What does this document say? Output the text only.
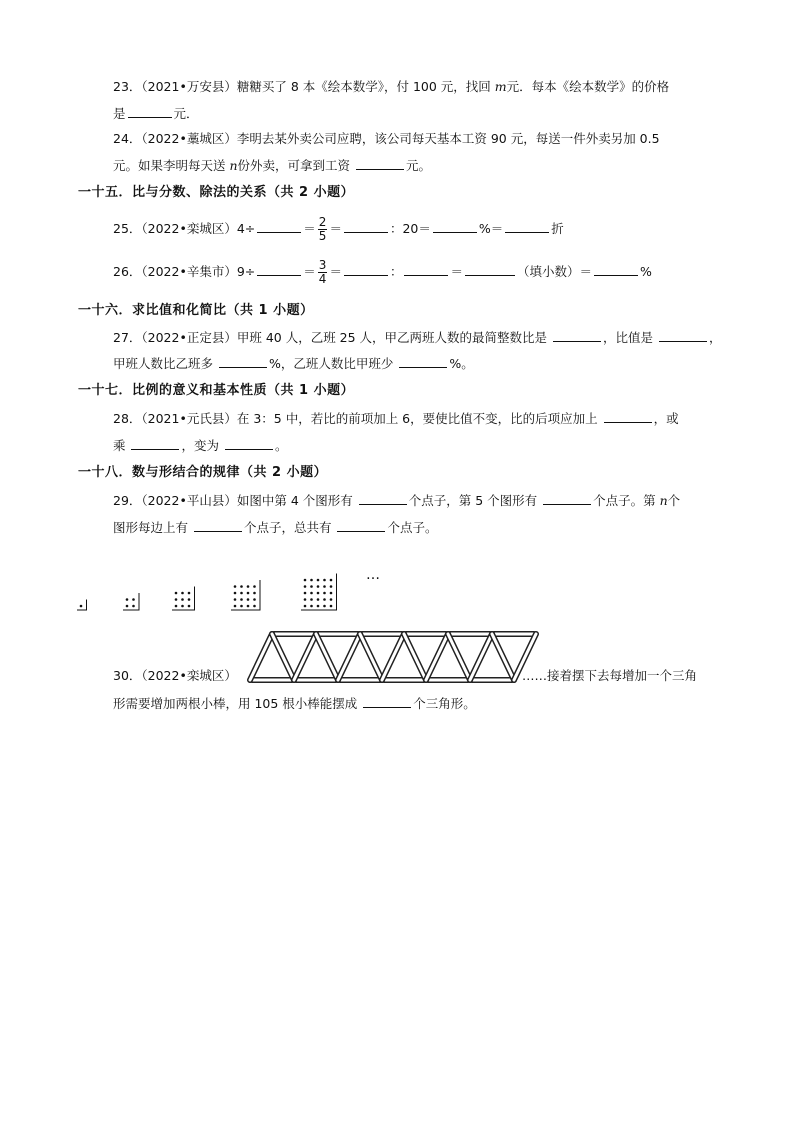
23．（2021•万安县）糖糖买了 8 本《绘本数学》，付 100 元，找回 m元．每本《绘本数学》的价格
是	元．
24．（2022•藁城区）李明去某外卖公司应聘，该公司每天基本工资 90 元，每送一件外卖另加 0.5
元。如果李明每天送 n份外卖，可拿到工资	元。
一十五．比与分数、除法的关系（共 2 小题）
25．（2022•栾城区）4÷	＝ $\frac{2}{5}$ ＝	：20＝	%＝	折
26．（2022•辛集市）9÷	＝ $\frac{3}{4}$ ＝	：	＝	（填小数）＝	%
一十六．求比值和化简比（共 1 小题）
27．（2022•正定县）甲班 40 人，乙班 25 人，甲乙两班人数的最简整数比是	，比值是	，
甲班人数比乙班多	%，乙班人数比甲班少	%。
一十七．比例的意义和基本性质（共 1 小题）
28．（2021•元氏县）在 3：5 中，若比的前项加上 6，要使比值不变，比的后项应加上	，或
乘	，变为	。
一十八．数与形结合的规律（共 2 小题）
29．（2022•平山县）如图中第 4 个图形有	个点子，第 5 个图形有	个点子。第 n个
图形每边上有	个点子，总共有	个点子。
…
30．（2022•栾城区）	……接着摆下去每增加一个三角
形需要增加两根小棒，用 105 根小棒能摆成	个三角形。
